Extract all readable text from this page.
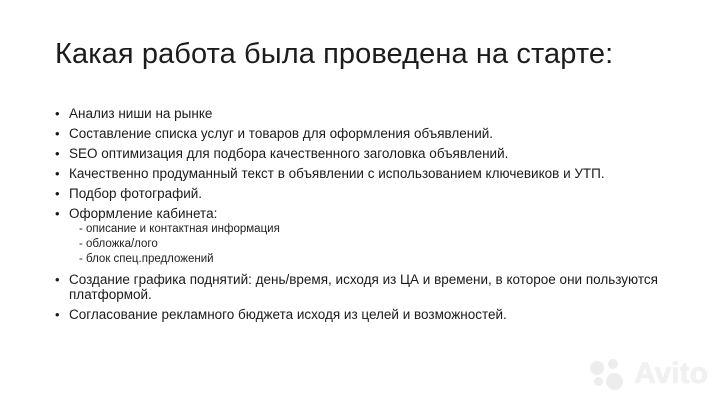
Какая работа была проведена на старте:
• Анализ ниши на рынке
• Составление списка услуг и товаров для оформления объявлений.
• SEO оптимизация для подбора качественного заголовка объявлений.
• Качественно продуманный текст в объявлении с использованием ключевиков и УТП.
• Подбор фотографий.
• Оформление кабинета:
- описание и контактная информация
- обложка/лого
- блок спец.предложений
• Создание графика поднятий: день/время, исходя из ЦА и времени, в которое они пользуются платформой.
• Согласование рекламного бюджета исходя из целей и возможностей.
Avito
